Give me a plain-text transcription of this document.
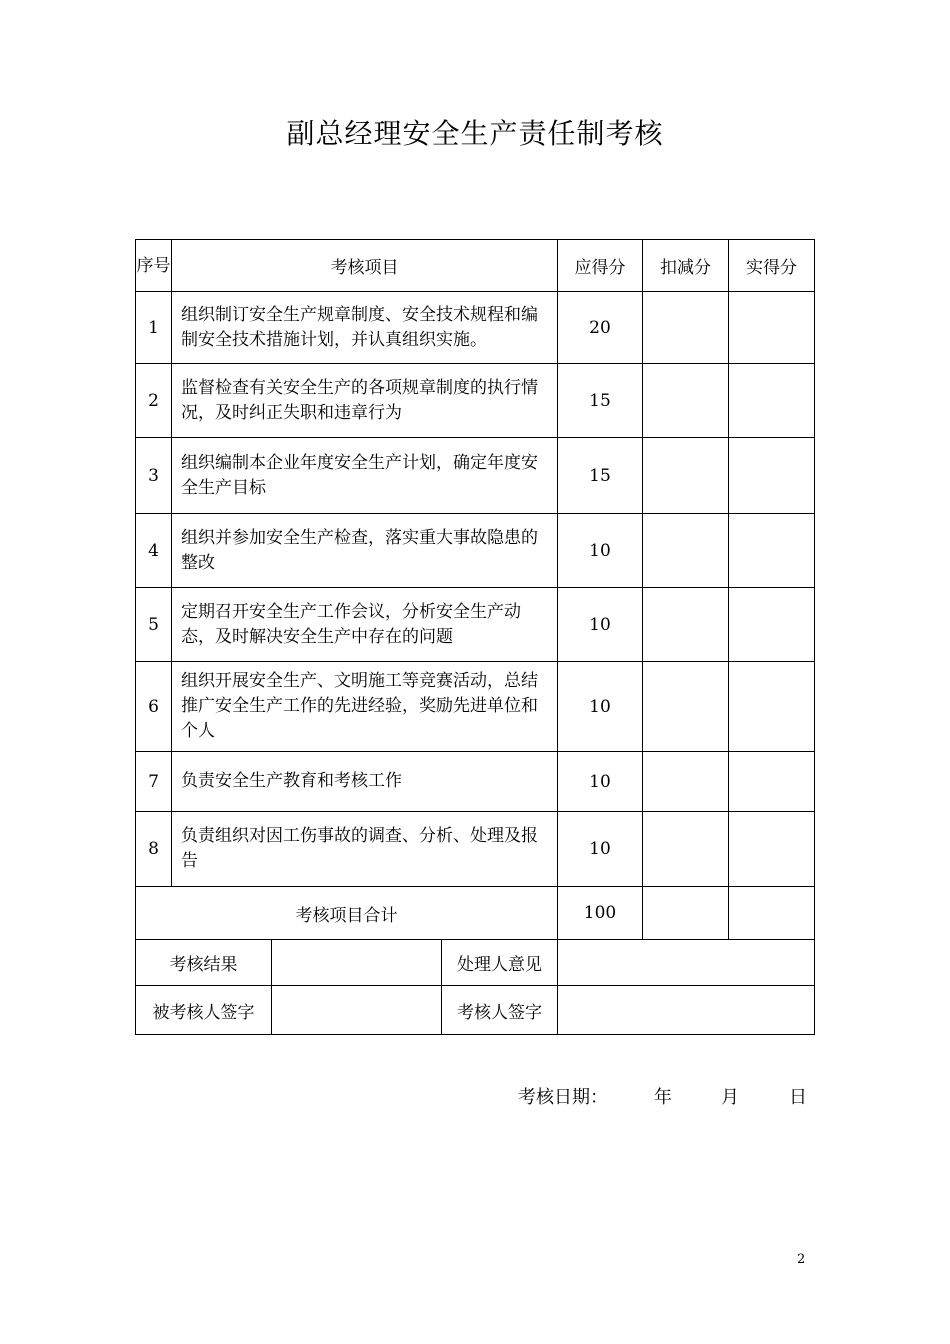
副总经理安全生产责任制考核
序号	考核项目			应得分	扣减分	实得分
1	组织制订安全生产规章制度、安全技术规程和编制安全技术措施计划，并认真组织实施。			20		
2	监督检查有关安全生产的各项规章制度的执行情况，及时纠正失职和违章行为			15		
3	组织编制本企业年度安全生产计划，确定年度安全生产目标			15		
4	组织并参加安全生产检查，落实重大事故隐患的整改			10		
5	定期召开安全生产工作会议，分析安全生产动态，及时解决安全生产中存在的问题			10		
6	组织开展安全生产、文明施工等竞赛活动，总结推广安全生产工作的先进经验，奖励先进单位和个人			10		
7	负责安全生产教育和考核工作			10		
8	负责组织对因工伤事故的调查、分析、处理及报告			10		
考核项目合计				100		
考核结果			处理人意见			
被考核人签字			考核人签字			
考核日期：	年	月	日
2
